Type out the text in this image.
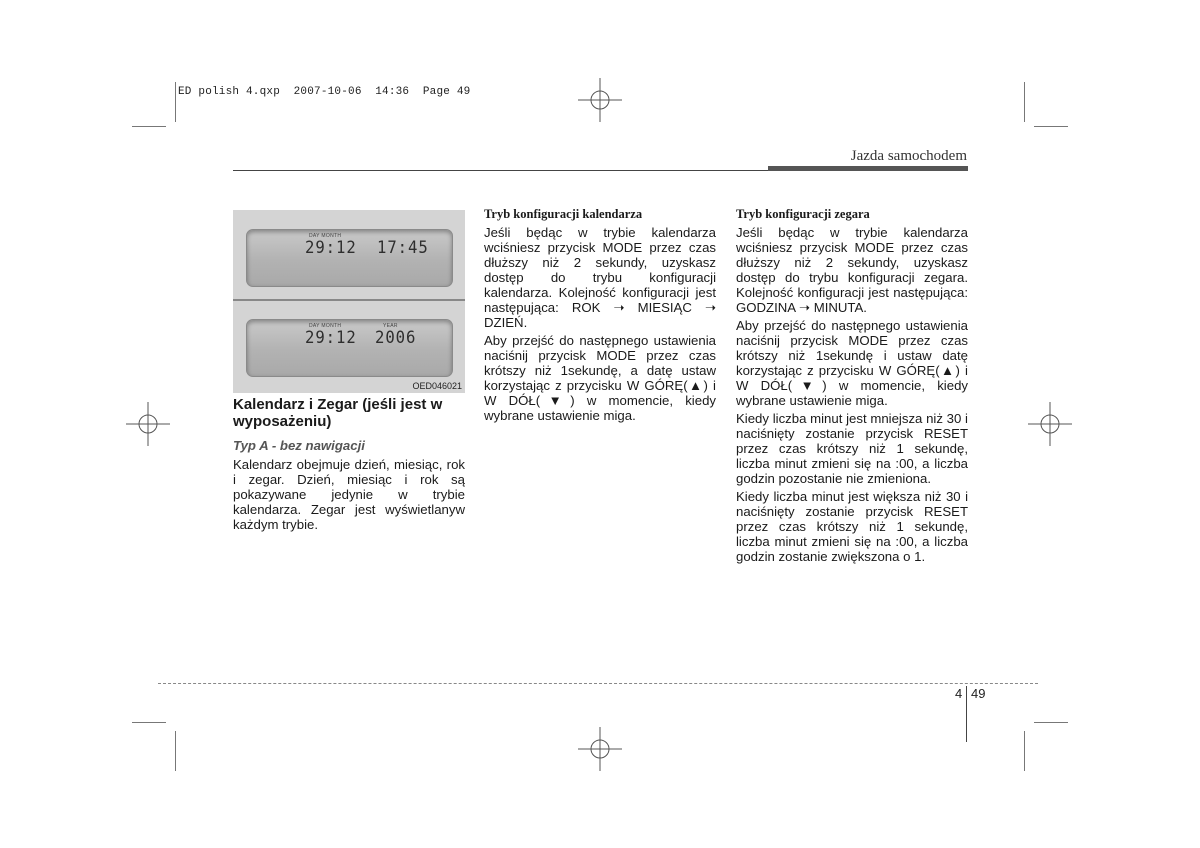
ED polish 4.qxp  2007-10-06  14:36  Page 49
Jazda samochodem
DAY MONTH
29:12 17:45
DAY MONTH	YEAR
29:12 2006
OED046021
Kalendarz i Zegar (jeśli jest w wyposażeniu)
Typ A - bez nawigacji

Kalendarz obejmuje dzień, miesiąc, rok i zegar. Dzień, miesiąc i rok są pokazywane jedynie w trybie kalendarza. Zegar jest wyświetlanyw każdym trybie.

Tryb konfiguracji kalendarza

Jeśli będąc w trybie kalendarza wciśniesz przycisk MODE przez czas dłuższy niż 2 sekundy, uzyskasz dostęp do trybu konfiguracji kalendarza. Kolejność konfiguracji jest następująca: ROK ➝ MIESIĄC ➝ DZIEŃ.

Aby przejść do następnego ustawienia naciśnij przycisk MODE przez czas krótszy niż 1sekundę, a datę ustaw korzystając z przycisku W GÓRĘ(▲) i W DÓŁ(▼) w momencie, kiedy wybrane ustawienie miga.

Tryb konfiguracji zegara

Jeśli będąc w trybie kalendarza wciśniesz przycisk MODE przez czas dłuższy niż 2 sekundy, uzyskasz dostęp do trybu konfiguracji zegara. Kolejność konfiguracji jest następująca: GODZINA ➝ MINUTA.

Aby przejść do następnego ustawienia naciśnij przycisk MODE przez czas krótszy niż 1sekundę i ustaw datę korzystając z przycisku W GÓRĘ(▲) i W DÓŁ(▼) w momencie, kiedy wybrane ustawienie miga.

Kiedy liczba minut jest mniejsza niż 30 i naciśnięty zostanie przycisk RESET przez czas krótszy niż 1 sekundę, liczba minut zmieni się na :00, a liczba godzin pozostanie nie zmieniona.

Kiedy liczba minut jest większa niż 30 i naciśnięty zostanie przycisk RESET przez czas krótszy niż 1 sekundę, liczba minut zmieni się na :00, a liczba godzin zostanie zwiększona o 1.

4 49
